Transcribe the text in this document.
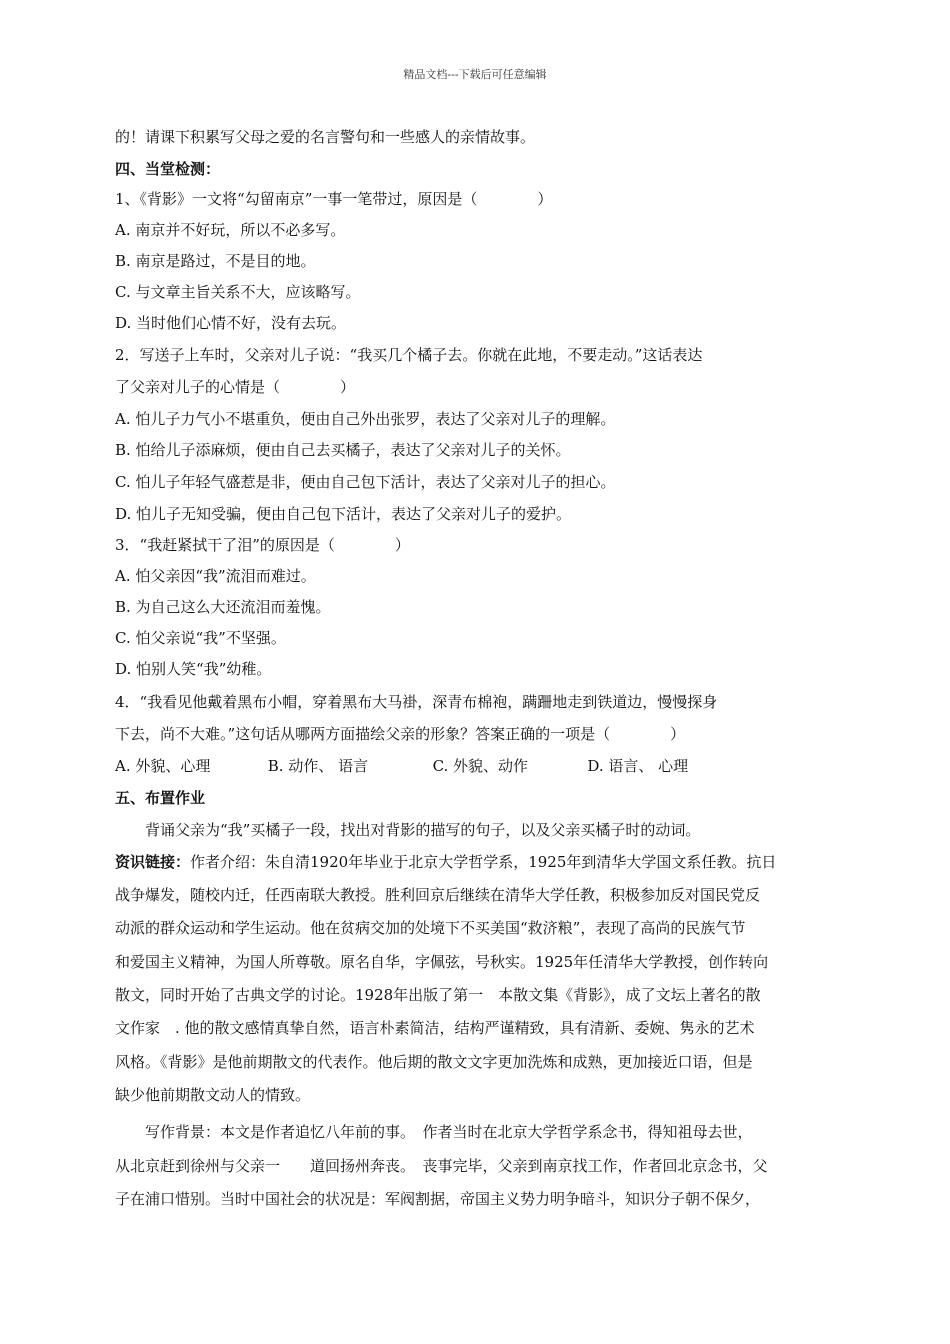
精品文档---下载后可任意编辑
的！请课下积累写父母之爱的名言警句和一些感人的亲情故事。
四、当堂检测：
1、《背影》一文将“勾留南京”一事一笔带过，原因是（　　　　）
A. 南京并不好玩，所以不必多写。
B. 南京是路过，不是目的地。
C. 与文章主旨关系不大，应该略写。
D. 当时他们心情不好，没有去玩。
2．写送子上车时，父亲对儿子说：“我买几个橘子去。你就在此地，不要走动。”这话表达
了父亲对儿子的心情是（　　　　）
A. 怕儿子力气小不堪重负，便由自己外出张罗，表达了父亲对儿子的理解。
B. 怕给儿子添麻烦，便由自己去买橘子，表达了父亲对儿子的关怀。
C. 怕儿子年轻气盛惹是非，便由自己包下活计，表达了父亲对儿子的担心。
D. 怕儿子无知受骗，便由自己包下活计，表达了父亲对儿子的爱护。
3．“我赶紧拭干了泪”的原因是（　　　　）
A. 怕父亲因“我”流泪而难过。
B. 为自己这么大还流泪而羞愧。
C. 怕父亲说“我”不坚强。
D. 怕别人笑“我”幼稚。
4．“我看见他戴着黑布小帽，穿着黑布大马褂，深青布棉袍，蹒跚地走到铁道边，慢慢探身
下去，尚不大难。”这句话从哪两方面描绘父亲的形象？答案正确的一项是（　　　　）
A. 外貌、心理	B. 动作、 语言	C. 外貌、动作	D. 语言、 心理
五、布置作业
背诵父亲为“我”买橘子一段，找出对背影的描写的句子，以及父亲买橘子时的动词。
资识链接：作者介绍：朱自清1920年毕业于北京大学哲学系，1925年到清华大学国文系任教。抗日
战争爆发，随校内迁，任西南联大教授。胜利回京后继续在清华大学任教，积极参加反对国民党反
动派的群众运动和学生运动。他在贫病交加的处境下不买美国“救济粮”，表现了高尚的民族气节
和爱国主义精神，为国人所尊敬。原名自华，字佩弦，号秋实。1925年任清华大学教授，创作转向
散文，同时开始了古典文学的讨论。1928年出版了第一　本散文集《背影》，成了文坛上著名的散
文作家　. 他的散文感情真挚自然，语言朴素简洁，结构严谨精致，具有清新、委婉、隽永的艺术
风格。《背影》是他前期散文的代表作。他后期的散文文字更加洗炼和成熟，更加接近口语，但是
缺少他前期散文动人的情致。
写作背景：本文是作者追忆八年前的事。　作者当时在北京大学哲学系念书，得知祖母去世，
从北京赶到徐州与父亲一　　道回扬州奔丧。　丧事完毕，父亲到南京找工作，作者回北京念书，父
子在浦口惜别。当时中国社会的状况是：军阀割据，帝国主义势力明争暗斗，知识分子朝不保夕，
